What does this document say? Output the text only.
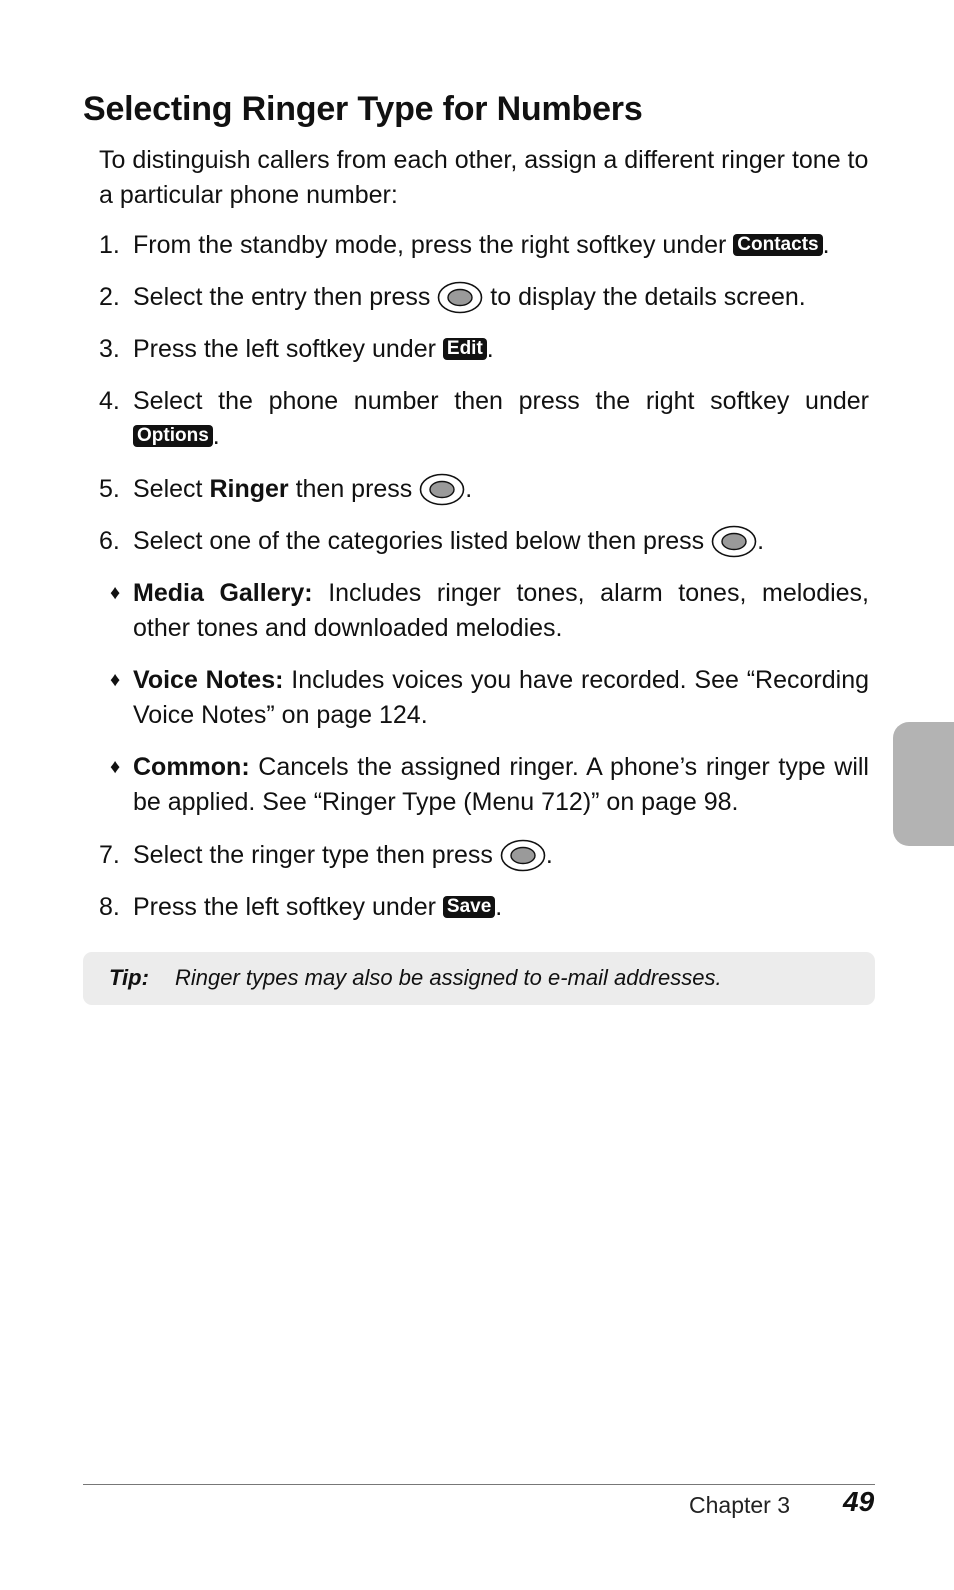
Selecting Ringer Type for Numbers

To distinguish callers from each other, assign a different ringer tone to a particular phone number:

1. From the standby mode, press the right softkey under Contacts .
2. Select the entry then press  to display the details screen.
3. Press the left softkey under Edit .
4. Select the phone number then press the right softkey under Options .
5. Select Ringer then press .
6. Select one of the categories listed below then press .
♦ Media Gallery: Includes ringer tones, alarm tones, melodies, other tones and downloaded melodies.
♦ Voice Notes: Includes voices you have recorded. See “Recording Voice Notes” on page 124.
♦ Common: Cancels the assigned ringer. A phone’s ringer type will be applied. See “Ringer Type (Menu 712)” on page 98.
7. Select the ringer type then press .
8. Press the left softkey under Save .
Tip: Ringer types may also be assigned to e-mail addresses.
Chapter 3 49
